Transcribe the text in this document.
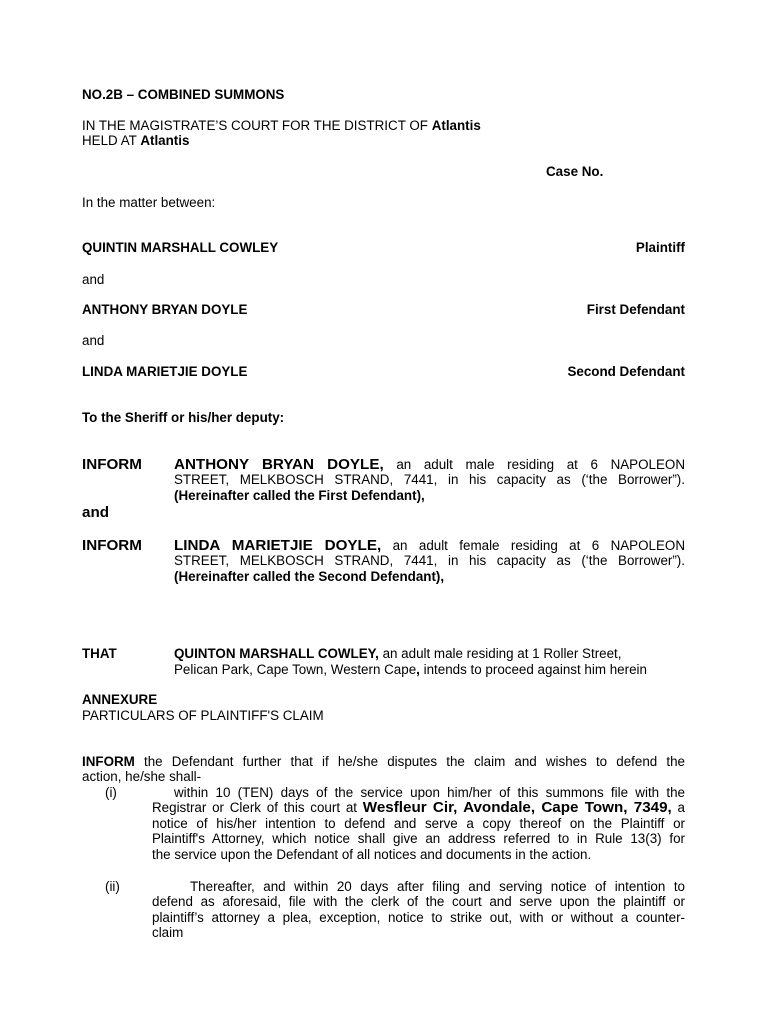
NO.2B – COMBINED SUMMONS
IN THE MAGISTRATE’S COURT FOR THE DISTRICT OF Atlantis
HELD AT Atlantis
Case No.
In the matter between:
QUINTIN MARSHALL COWLEY	Plaintiff
and
ANTHONY BRYAN DOYLE	First Defendant
and
LINDA MARIETJIE DOYLE	Second Defendant
To the Sheriff or his/her deputy:
INFORM ANTHONY BRYAN DOYLE, an adult male residing at 6 NAPOLEON
STREET, MELKBOSCH STRAND, 7441, in his capacity as (‘the Borrower”).
(Hereinafter called the First Defendant),
and
INFORM LINDA MARIETJIE DOYLE, an adult female residing at 6 NAPOLEON
STREET, MELKBOSCH STRAND, 7441, in his capacity as (‘the Borrower”).
(Hereinafter called the Second Defendant),
THAT	QUINTON MARSHALL COWLEY, an adult male residing at 1 Roller Street,
Pelican Park, Cape Town, Western Cape, intends to proceed against him herein
ANNEXURE
PARTICULARS OF PLAINTIFF'S CLAIM
INFORM the Defendant further that if he/she disputes the claim and wishes to defend the
action, he/she shall-
(i)	within 10 (TEN) days of the service upon him/her of this summons file with the
Registrar or Clerk of this court at Wesfleur Cir, Avondale, Cape Town, 7349, a
notice of his/her intention to defend and serve a copy thereof on the Plaintiff or
Plaintiff's Attorney, which notice shall give an address referred to in Rule 13(3) for
the service upon the Defendant of all notices and documents in the action.
(ii)	Thereafter, and within 20 days after filing and serving notice of intention to
defend as aforesaid, file with the clerk of the court and serve upon the plaintiff or
plaintiff’s attorney a plea, exception, notice to strike out, with or without a counter-
claim
